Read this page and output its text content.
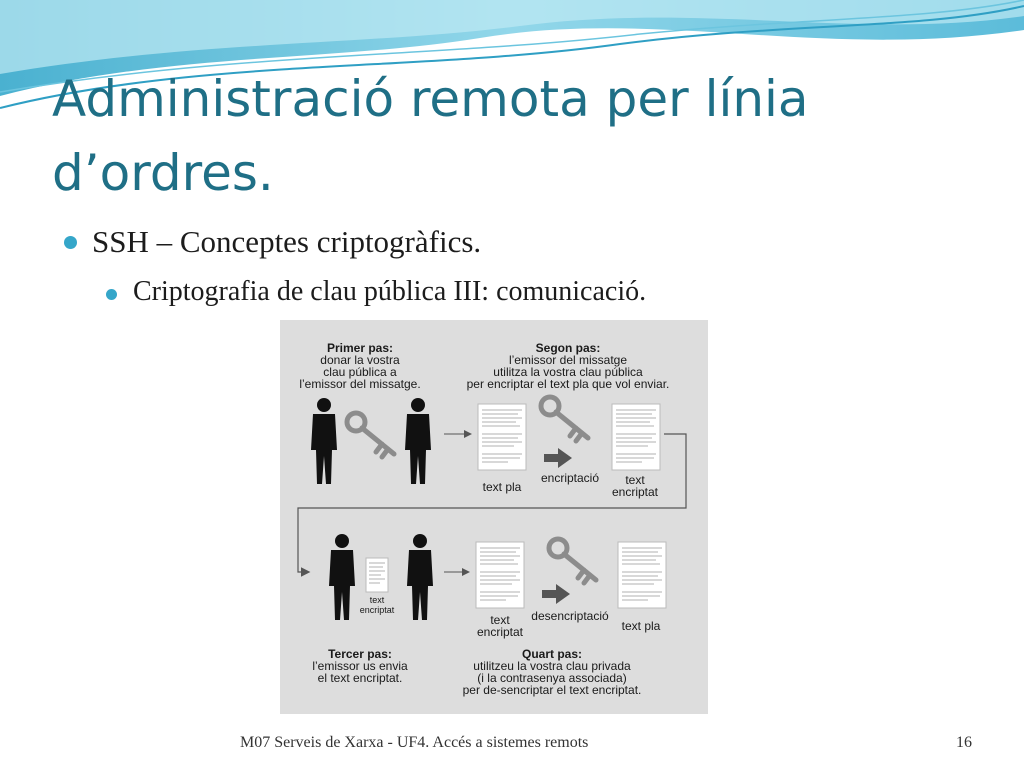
Administració remota per línia d’ordres.
SSH – Conceptes criptogràfics.
Criptografia de clau pública III: comunicació.
Primer pas:
donar la vostra
clau pública a
l’emissor del missatge.
Segon pas:
l’emissor del missatge
utilitza la vostra clau pública
per encriptar el text pla que vol enviar.
text pla
encriptació text
encriptat
text
encriptat
text
encriptat
desencriptació
text pla
Tercer pas:
l’emissor us envia
el text encriptat.
Quart pas:
utilitzeu la vostra clau privada
(i la contrasenya associada)
per de-sencriptar el text encriptat.
M07 Serveis de Xarxa - UF4. Accés a sistemes remots	16
